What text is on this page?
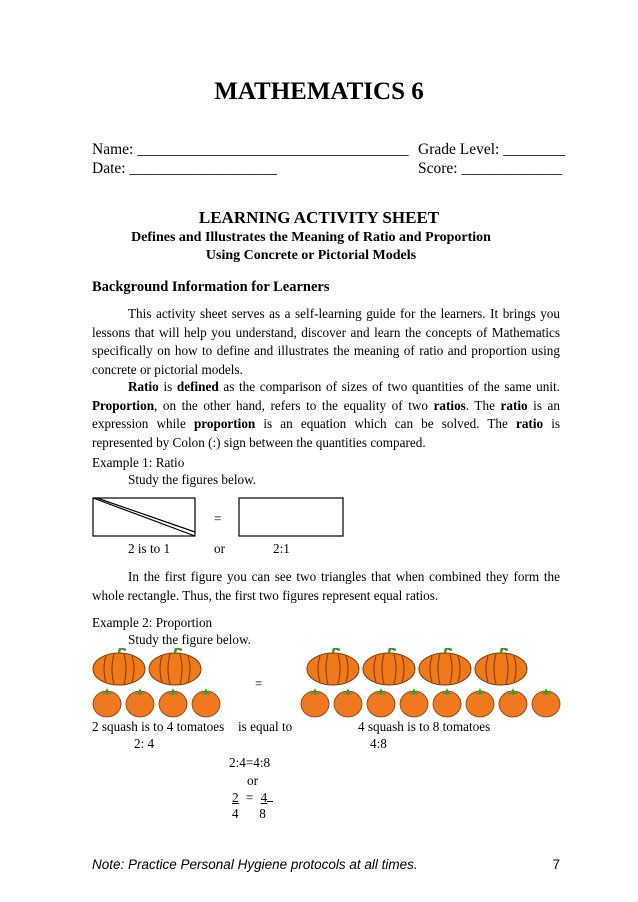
MATHEMATICS 6
Name: ___________________________________ Grade Level: ________
Date: ___________________	Score: _____________
LEARNING ACTIVITY SHEET
Defines and Illustrates the Meaning of Ratio and Proportion
Using Concrete or Pictorial Models
Background Information for Learners
This activity sheet serves as a self-learning guide for the learners. It brings you lessons that will help you understand, discover and learn the concepts of Mathematics specifically on how to define and illustrates the meaning of ratio and proportion using concrete or pictorial models.
Ratio is defined as the comparison of sizes of two quantities of the same unit. Proportion, on the other hand, refers to the equality of two ratios. The ratio is an expression while proportion is an equation which can be solved. The ratio is represented by Colon (:) sign between the quantities compared.
Example 1: Ratio
Study the figures below.
=
2 is to 1	or	2:1
In the first figure you can see two triangles that when combined they form the whole rectangle. Thus, the first two figures represent equal ratios.
Example 2: Proportion
Study the figure below.
=
2 squash is to 4 tomatoes is equal to	4 squash is to 8 tomatoes
2: 4	4:8
2:4=4:8
or
2 = 4
4 8
Note: Practice Personal Hygiene protocols at all times.	7
